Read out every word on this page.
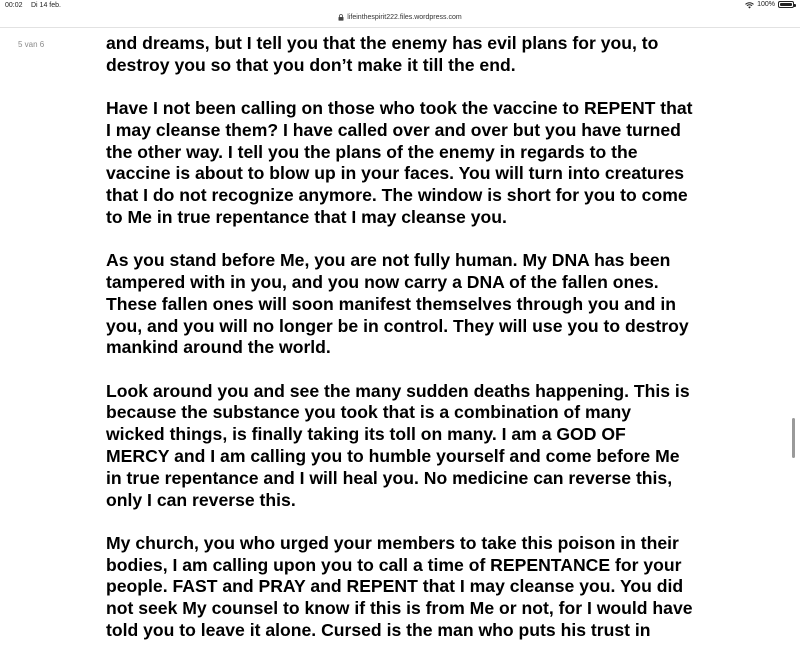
00:02 Di 14 feb.	100%
lifeinthespirit222.files.wordpress.com
5 van 6	and dreams, but I tell you that the enemy has evil plans for you, to
destroy you so that you don’t make it till the end.

Have I not been calling on those who took the vaccine to REPENT that
I may cleanse them? I have called over and over but you have turned
the other way. I tell you the plans of the enemy in regards to the
vaccine is about to blow up in your faces. You will turn into creatures
that I do not recognize anymore. The window is short for you to come
to Me in true repentance that I may cleanse you.

As you stand before Me, you are not fully human. My DNA has been
tampered with in you, and you now carry a DNA of the fallen ones.
These fallen ones will soon manifest themselves through you and in
you, and you will no longer be in control. They will use you to destroy
mankind around the world.

Look around you and see the many sudden deaths happening. This is
because the substance you took that is a combination of many
wicked things, is finally taking its toll on many. I am a GOD OF
MERCY and I am calling you to humble yourself and come before Me
in true repentance and I will heal you. No medicine can reverse this,
only I can reverse this.

My church, you who urged your members to take this poison in their
bodies, I am calling upon you to call a time of REPENTANCE for your
people. FAST and PRAY and REPENT that I may cleanse you. You did
not seek My counsel to know if this is from Me or not, for I would have
told you to leave it alone. Cursed is the man who puts his trust in
